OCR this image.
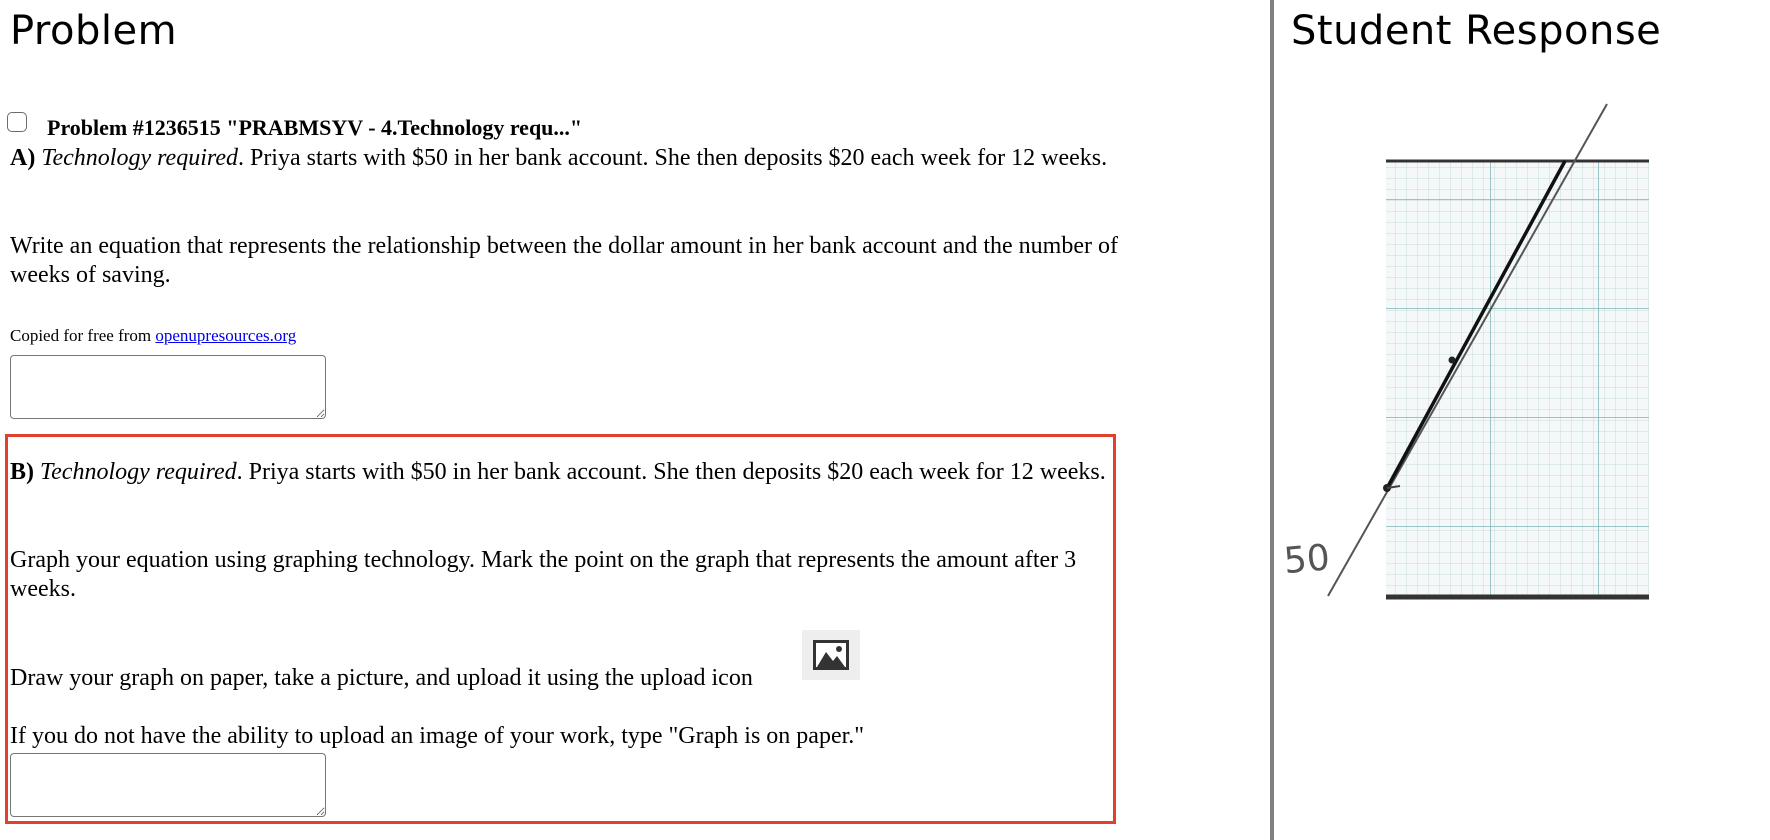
Problem
Problem #1236515 "PRABMSYV - 4.Technology requ..."
A) Technology required. Priya starts with $50 in her bank account. She then deposits $20 each week for 12 weeks.
Write an equation that represents the relationship between the dollar amount in her bank account and the number of weeks of saving.
Copied for free from openupresources.org
B) Technology required. Priya starts with $50 in her bank account. She then deposits $20 each week for 12 weeks.
Graph your equation using graphing technology. Mark the point on the graph that represents the amount after 3 weeks.
Draw your graph on paper, take a picture, and upload it using the upload icon
If you do not have the ability to upload an image of your work, type "Graph is on paper."
Student Response
50
